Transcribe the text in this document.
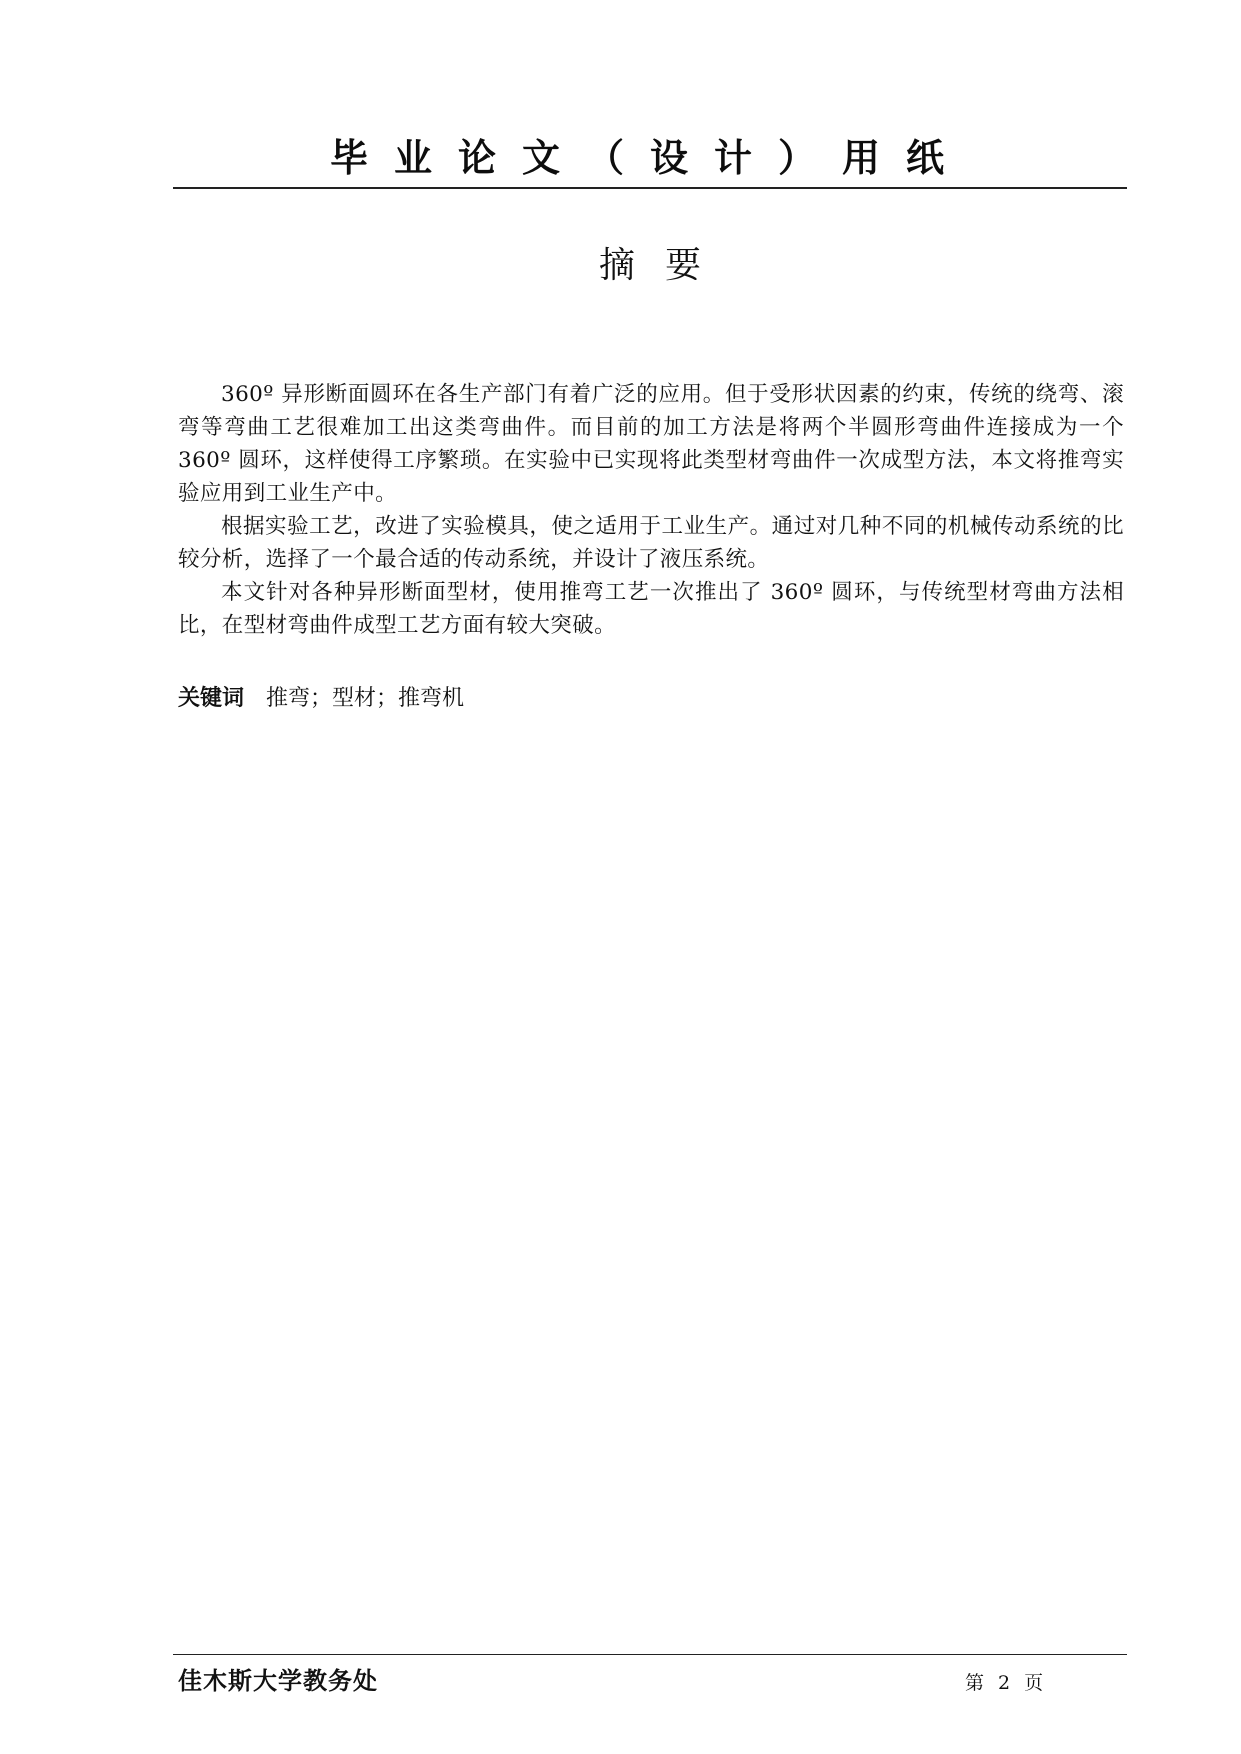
毕业论文（设计）用纸
摘要

360º 异形断面圆环在各生产部门有着广泛的应用。但于受形状因素的约束，传统的绕弯、滚弯等弯曲工艺很难加工出这类弯曲件。而目前的加工方法是将两个半圆形弯曲件连接成为一个 360º 圆环，这样使得工序繁琐。在实验中已实现将此类型材弯曲件一次成型方法，本文将推弯实验应用到工业生产中。

根据实验工艺，改进了实验模具，使之适用于工业生产。通过对几种不同的机械传动系统的比较分析，选择了一个最合适的传动系统，并设计了液压系统。

本文针对各种异形断面型材，使用推弯工艺一次推出了 360º 圆环，与传统型材弯曲方法相比，在型材弯曲件成型工艺方面有较大突破。

关键词 推弯；型材；推弯机
佳木斯大学教务处	第 2 页
